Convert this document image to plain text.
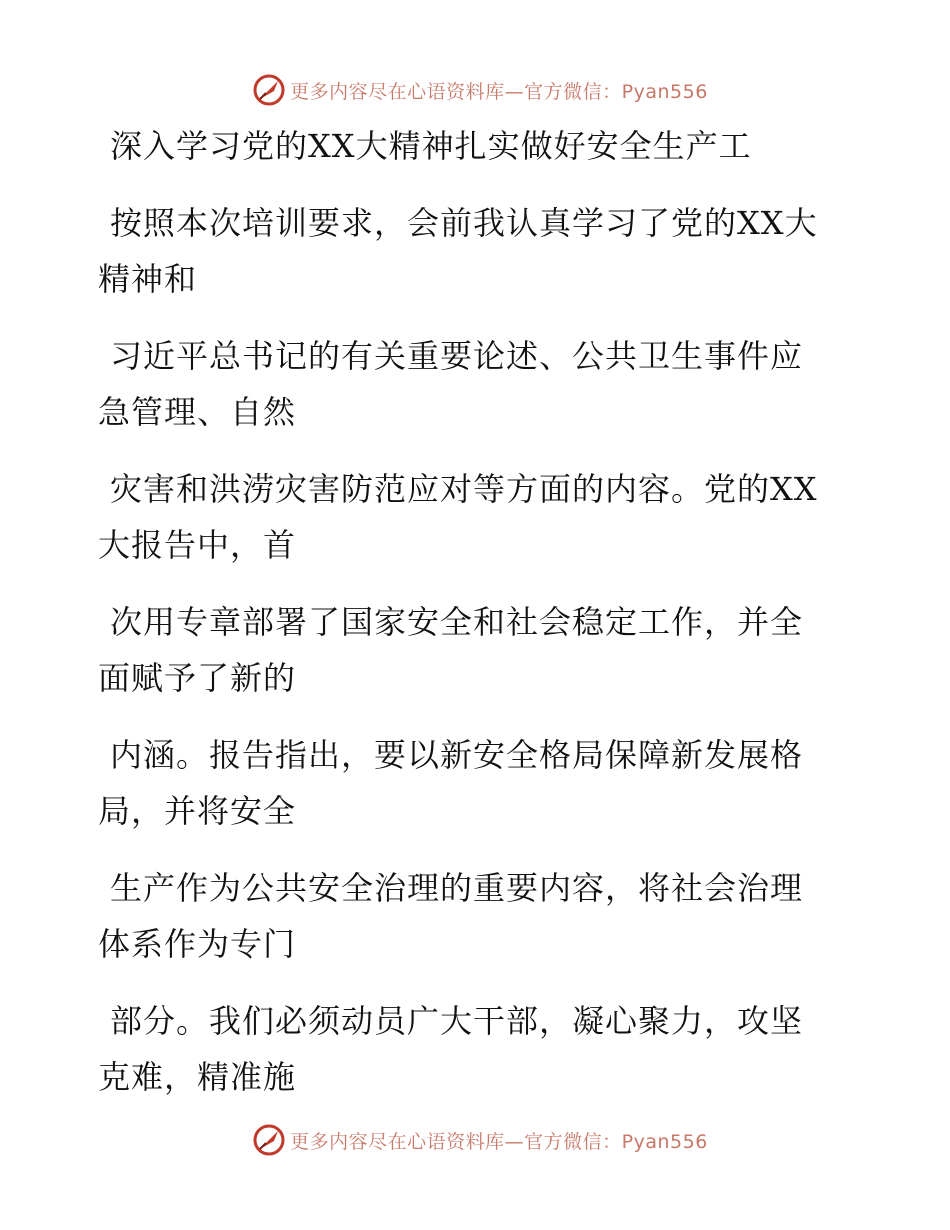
更多内容尽在心语资料库—官方微信：Pyan556
深入学习党的XX大精神扎实做好安全生产工
按照本次培训要求，会前我认真学习了党的XX大
精神和
习近平总书记的有关重要论述、公共卫生事件应
急管理、自然
灾害和洪涝灾害防范应对等方面的内容。党的XX
大报告中，首
次用专章部署了国家安全和社会稳定工作，并全
面赋予了新的
内涵。报告指出，要以新安全格局保障新发展格
局，并将安全
生产作为公共安全治理的重要内容，将社会治理
体系作为专门
部分。我们必须动员广大干部，凝心聚力，攻坚
克难，精准施
更多内容尽在心语资料库—官方微信：Pyan556
